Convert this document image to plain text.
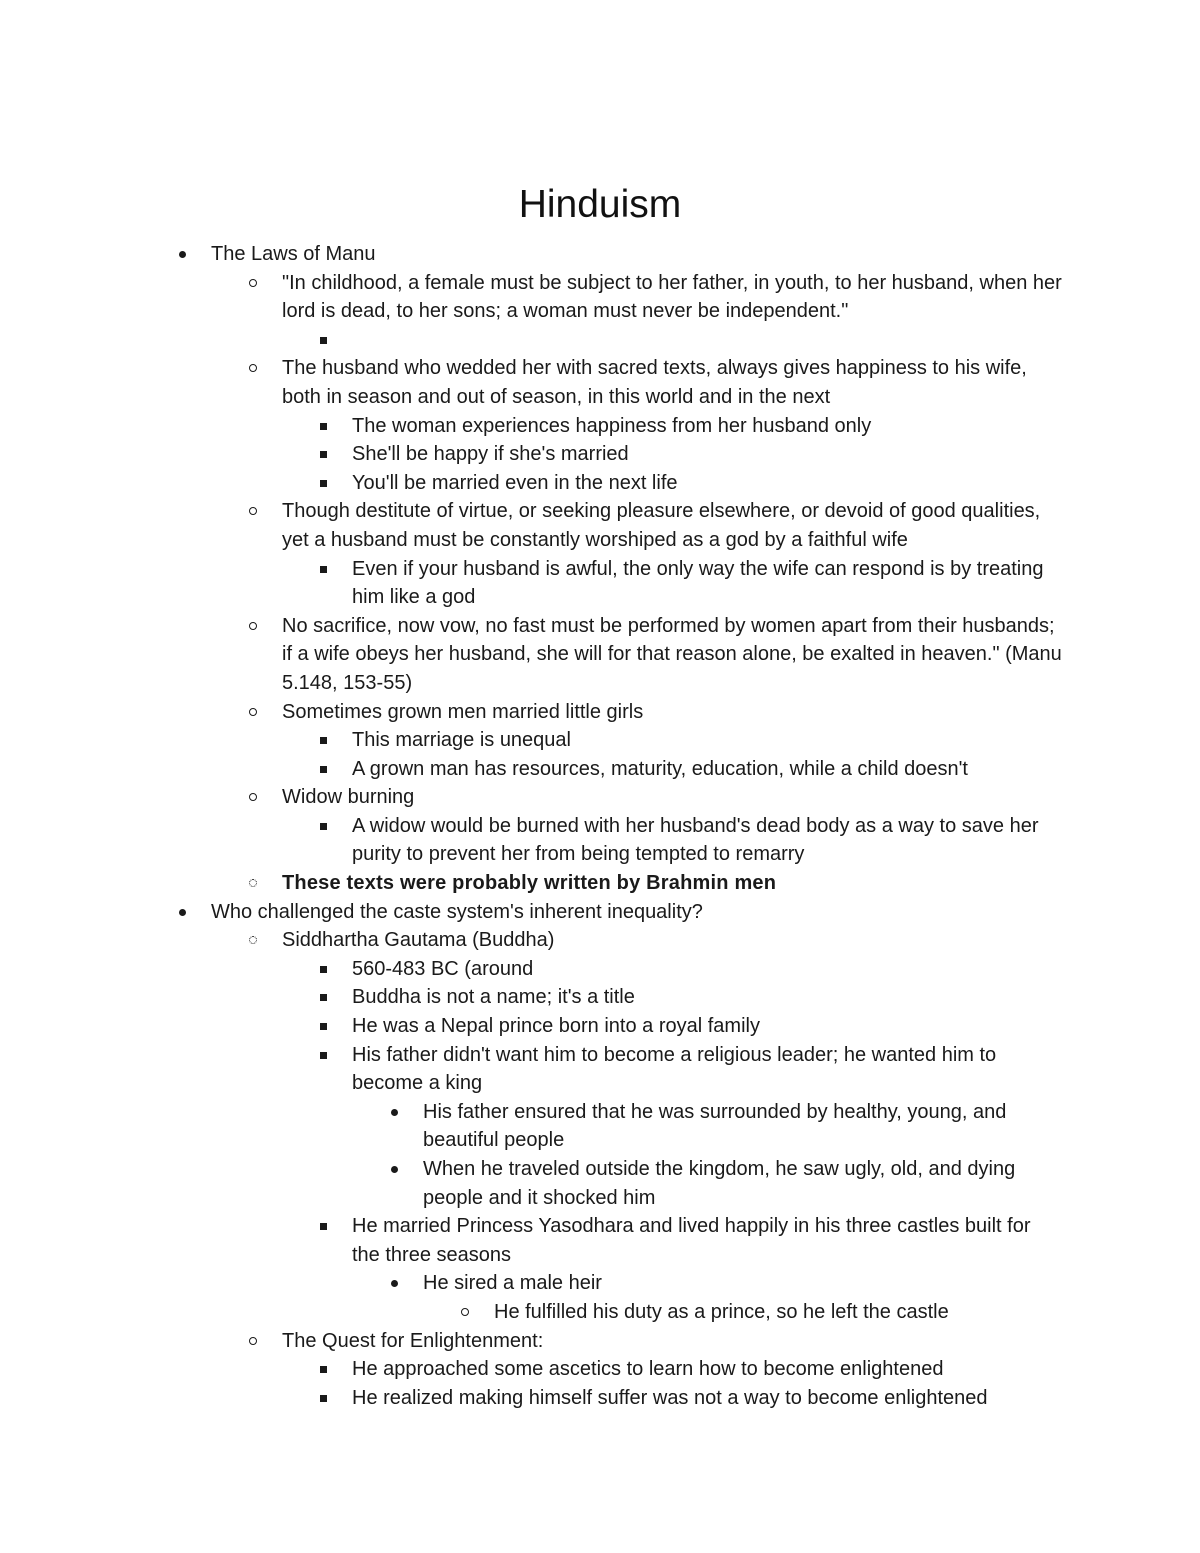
Hinduism
The Laws of Manu
"In childhood, a female must be subject to her father, in youth, to her husband, when her lord is dead, to her sons; a woman must never be independent."
The husband who wedded her with sacred texts, always gives happiness to his wife, both in season and out of season, in this world and in the next
The woman experiences happiness from her husband only
She'll be happy if she's married
You'll be married even in the next life
Though destitute of virtue, or seeking pleasure elsewhere, or devoid of good qualities, yet a husband must be constantly worshiped as a god by a faithful wife
Even if your husband is awful, the only way the wife can respond is by treating him like a god
No sacrifice, now vow, no fast must be performed by women apart from their husbands; if a wife obeys her husband, she will for that reason alone, be exalted in heaven." (Manu 5.148, 153-55)
Sometimes grown men married little girls
This marriage is unequal
A grown man has resources, maturity, education, while a child doesn't
Widow burning
A widow would be burned with her husband's dead body as a way to save her purity to prevent her from being tempted to remarry
These texts were probably written by Brahmin men
Who challenged the caste system's inherent inequality?
Siddhartha Gautama (Buddha)
560-483 BC (around
Buddha is not a name; it's a title
He was a Nepal prince born into a royal family
His father didn't want him to become a religious leader; he wanted him to become a king
His father ensured that he was surrounded by healthy, young, and beautiful people
When he traveled outside the kingdom, he saw ugly, old, and dying people and it shocked him
He married Princess Yasodhara and lived happily in his three castles built for the three seasons
He sired a male heir
He fulfilled his duty as a prince, so he left the castle
The Quest for Enlightenment:
He approached some ascetics to learn how to become enlightened
He realized making himself suffer was not a way to become enlightened
